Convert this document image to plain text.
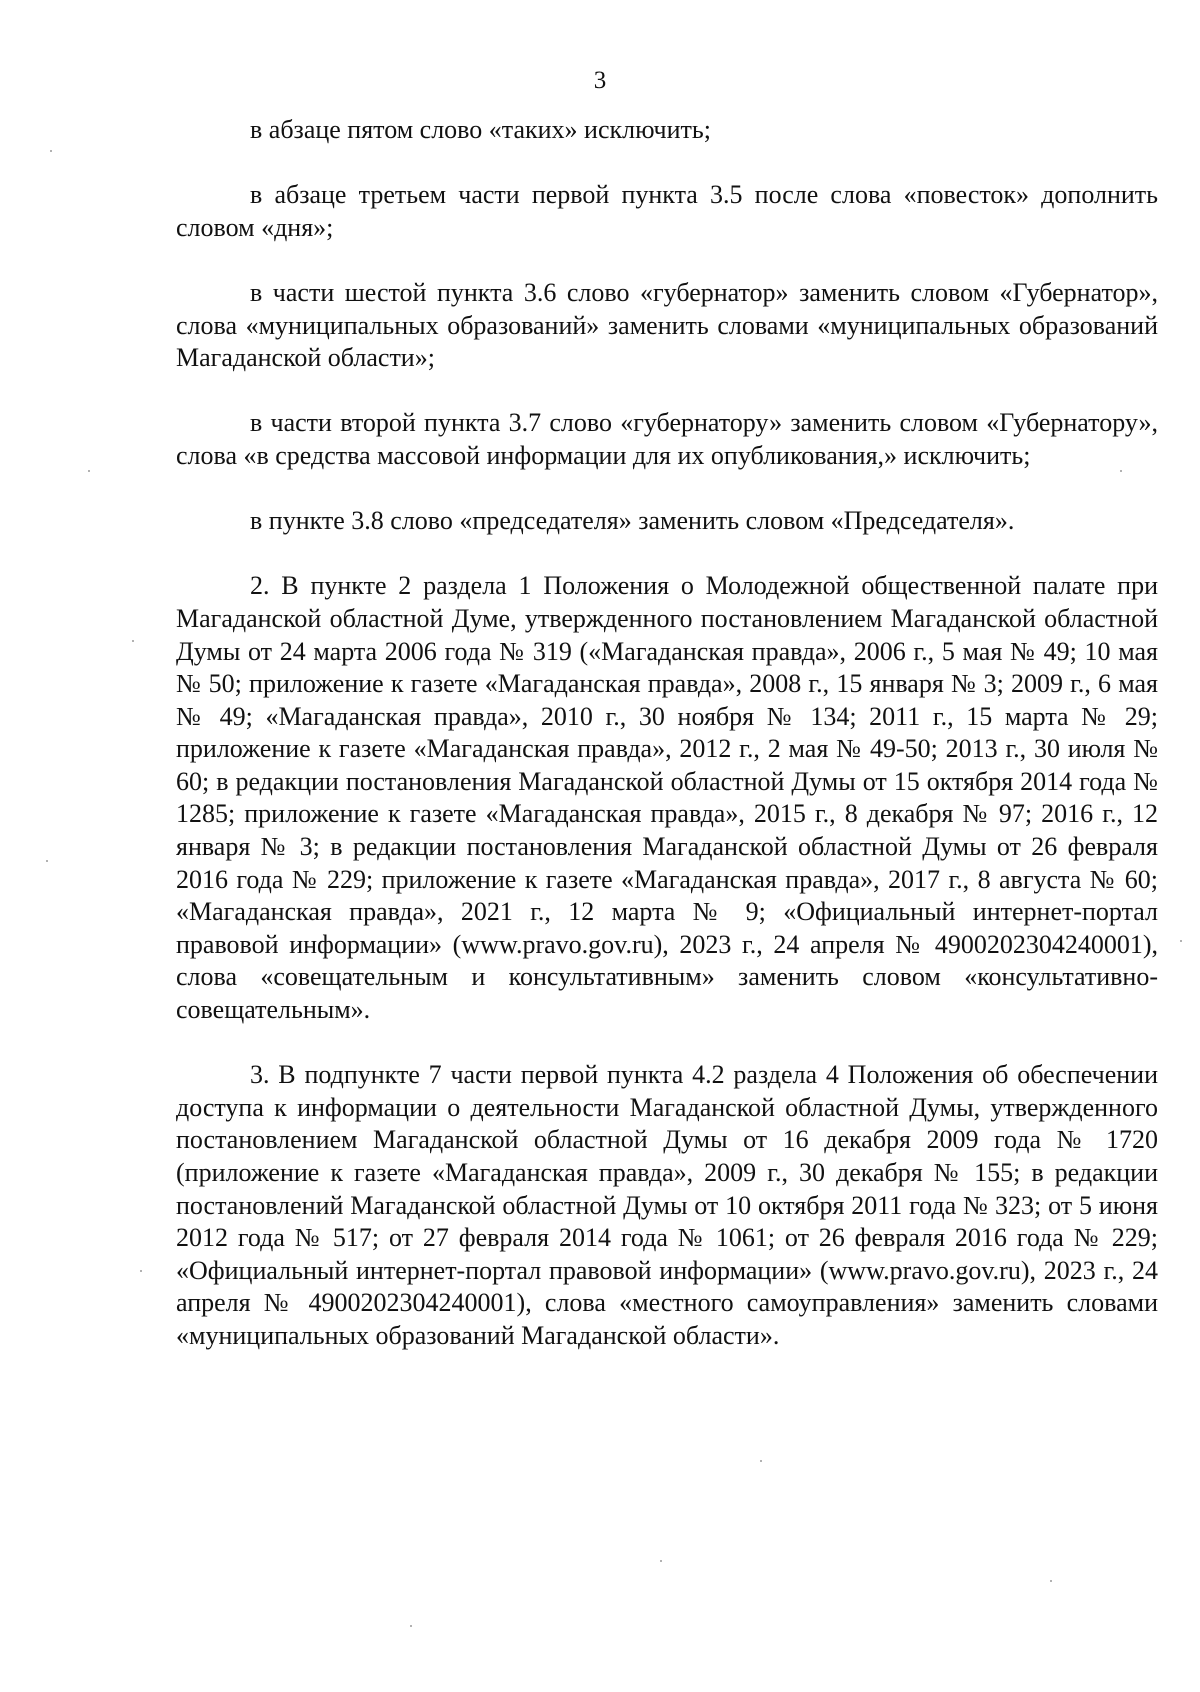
3

в абзаце пятом слово «таких» исключить;

в абзаце третьем части первой пункта 3.5 после слова «повесток» дополнить словом «дня»;

в части шестой пункта 3.6 слово «губернатор» заменить словом «Губернатор», слова «муниципальных образований» заменить словами «муниципальных образований Магаданской области»;

в части второй пункта 3.7 слово «губернатору» заменить словом «Губернатору», слова «в средства массовой информации для их опубликования,» исключить;

в пункте 3.8 слово «председателя» заменить словом «Председателя».

2. В пункте 2 раздела 1 Положения о Молодежной общественной палате при Магаданской областной Думе, утвержденного постановлением Магаданской областной Думы от 24 марта 2006 года № 319 («Магаданская правда», 2006 г., 5 мая № 49; 10 мая № 50; приложение к газете «Магаданская правда», 2008 г., 15 января № 3; 2009 г., 6 мая № 49; «Магаданская правда», 2010 г., 30 ноября № 134; 2011 г., 15 марта № 29; приложение к газете «Магаданская правда», 2012 г., 2 мая № 49-50; 2013 г., 30 июля № 60; в редакции постановления Магаданской областной Думы от 15 октября 2014 года № 1285; приложение к газете «Магаданская правда», 2015 г., 8 декабря № 97; 2016 г., 12 января № 3; в редакции постановления Магаданской областной Думы от 26 февраля 2016 года № 229; приложение к газете «Магаданская правда», 2017 г., 8 августа № 60; «Магаданская правда», 2021 г., 12 марта № 9; «Официальный интернет-портал правовой информации» (www.pravo.gov.ru), 2023 г., 24 апреля № 4900202304240001), слова «совещательным и консультативным» заменить словом «консультативно-совещательным».

3. В подпункте 7 части первой пункта 4.2 раздела 4 Положения об обеспечении доступа к информации о деятельности Магаданской областной Думы, утвержденного постановлением Магаданской областной Думы от 16 декабря 2009 года № 1720 (приложение к газете «Магаданская правда», 2009 г., 30 декабря № 155; в редакции постановлений Магаданской областной Думы от 10 октября 2011 года № 323; от 5 июня 2012 года № 517; от 27 февраля 2014 года № 1061; от 26 февраля 2016 года № 229; «Официальный интернет-портал правовой информации» (www.pravo.gov.ru), 2023 г., 24 апреля № 4900202304240001), слова «местного самоуправления» заменить словами «муниципальных образований Магаданской области».
